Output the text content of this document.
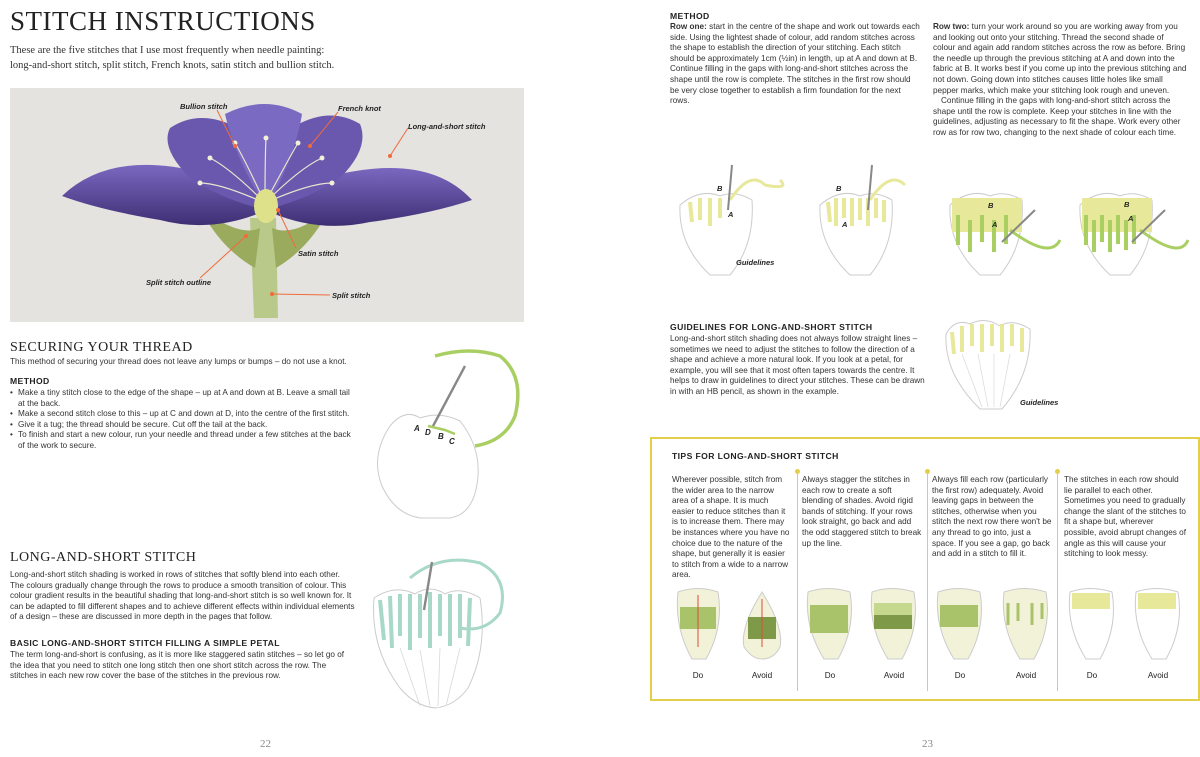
STITCH INSTRUCTIONS
These are the five stitches that I use most frequently when needle painting:
long-and-short stitch, split stitch, French knots, satin stitch and bullion stitch.
Bullion stitch	French knot
Long-and-short stitch
Satin stitch
Split stitch outline
Split stitch
SECURING YOUR THREAD
This method of securing your thread does not leave any lumps or bumps – do not use a knot.
METHOD
• Make a tiny stitch close to the edge of the shape – up at A and down at B. Leave a small tail at the back.
• Make a second stitch close to this – up at C and down at D, into the centre of the first stitch.
• Give it a tug; the thread should be secure. Cut off the tail at the back.
• To finish and start a new colour, run your needle and thread under a few stitches at the back of the work to secure.
A D B
C
LONG-AND-SHORT STITCH
Long-and-short stitch shading is worked in rows of stitches that softly blend into each other. The colours gradually change through the rows to produce a smooth transition of colour. This colour gradient results in the beautiful shading that long-and-short stitch is so well known for. It can be adapted to fill different shapes and to achieve different effects within individual elements of a design – these are discussed in more depth in the pages that follow.
BASIC LONG-AND-SHORT STITCH FILLING A SIMPLE PETAL
The term long-and-short is confusing, as it is more like staggered satin stitches – so let go of the idea that you need to stitch one long stitch then one short stitch across the row. The stitches in each new row cover the base of the stitches in the previous row.
22
METHOD
Row one: start in the centre of the shape and work out towards each side. Using the lightest shade of colour, add random stitches across the shape to establish the direction of your stitching. Each stitch should be approximately 1cm (½in) in length, up at A and down at B. Continue filling in the gaps with long-and-short stitches across the shape until the row is complete. The stitches in the first row should be very close together to establish a firm foundation for the next rows.
Row two: turn your work around so you are working away from you and looking out onto your stitching. Thread the second shade of colour and again add random stitches across the row as before. Bring the needle up through the previous stitching at A and down into the fabric at B. It works best if you come up into the previous stitching and not down. Going down into stitches causes little holes like small pepper marks, which make your stitching look rough and uneven.
Continue filling in the gaps with long-and-short stitch across the shape until the row is complete. Keep your stitches in line with the guidelines, adjusting as necessary to fit the shape. Work every other row as for row two, changing to the next shade of colour each time.
B
A
Guidelines
B
A
B
A
B
A
GUIDELINES FOR LONG-AND-SHORT STITCH
Long-and-short stitch shading does not always follow straight lines – sometimes we need to adjust the stitches to follow the direction of a shape and achieve a more natural look. If you look at a petal, for example, you will see that it most often tapers towards the centre. It helps to draw in guidelines to direct your stitches. These can be drawn in with an HB pencil, as shown in the example.
Guidelines
23
TIPS FOR LONG-AND-SHORT STITCH
Wherever possible, stitch from the wider area to the narrow area of a shape. It is much easier to reduce stitches than it is to increase them. There may be instances where you have no choice due to the nature of the shape, but generally it is easier to stitch from a wide to a narrow area.
Always stagger the stitches in each row to create a soft blending of shades. Avoid rigid bands of stitching. If your rows look straight, go back and add the odd staggered stitch to break up the line.
Always fill each row (particularly the first row) adequately. Avoid leaving gaps in between the stitches, otherwise when you stitch the next row there won't be any thread to go into, just a space. If you see a gap, go back and add in a stitch to fill it.
The stitches in each row should lie parallel to each other. Sometimes you need to gradually change the slant of the stitches to fit a shape but, wherever possible, avoid abrupt changes of angle as this will cause your stitching to look messy.
Do	Avoid	Do	Avoid	Do	Avoid	Do	Avoid
